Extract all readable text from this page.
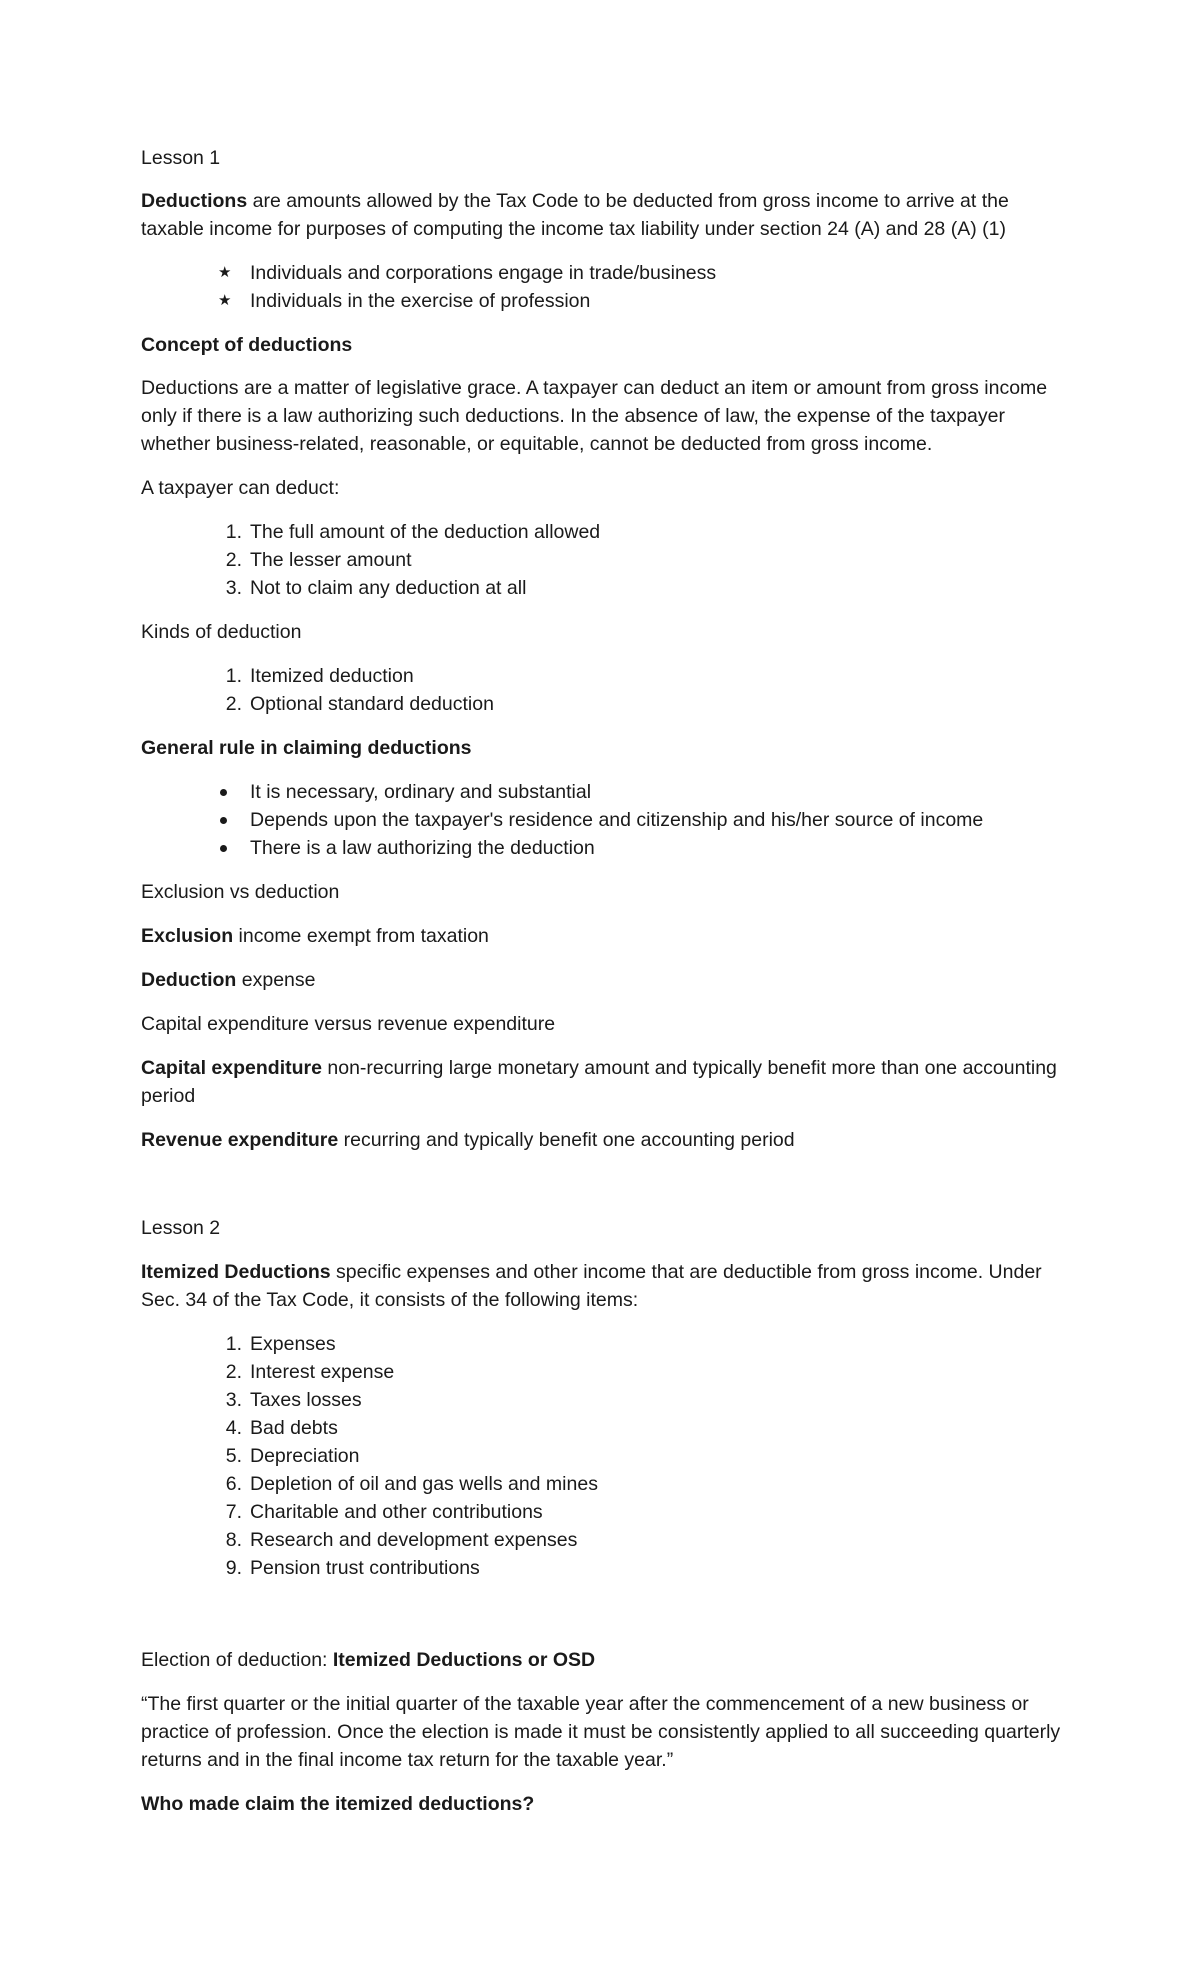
Lesson 1

Deductions are amounts allowed by the Tax Code to be deducted from gross income to arrive at the taxable income for purposes of computing the income tax liability under section 24 (A) and 28 (A) (1)

★ Individuals and corporations engage in trade/business
★ Individuals in the exercise of profession

Concept of deductions

Deductions are a matter of legislative grace. A taxpayer can deduct an item or amount from gross income only if there is a law authorizing such deductions. In the absence of law, the expense of the taxpayer whether business-related, reasonable, or equitable, cannot be deducted from gross income.

A taxpayer can deduct:

1. The full amount of the deduction allowed
2. The lesser amount
3. Not to claim any deduction at all

Kinds of deduction

1. Itemized deduction
2. Optional standard deduction

General rule in claiming deductions

It is necessary, ordinary and substantial
Depends upon the taxpayer's residence and citizenship and his/her source of income
There is a law authorizing the deduction

Exclusion vs deduction

Exclusion income exempt from taxation

Deduction expense

Capital expenditure versus revenue expenditure

Capital expenditure non-recurring large monetary amount and typically benefit more than one accounting period

Revenue expenditure recurring and typically benefit one accounting period

Lesson 2

Itemized Deductions specific expenses and other income that are deductible from gross income. Under Sec. 34 of the Tax Code, it consists of the following items:

1. Expenses
2. Interest expense
3. Taxes losses
4. Bad debts
5. Depreciation
6. Depletion of oil and gas wells and mines
7. Charitable and other contributions
8. Research and development expenses
9. Pension trust contributions

Election of deduction: Itemized Deductions or OSD

“The first quarter or the initial quarter of the taxable year after the commencement of a new business or practice of profession. Once the election is made it must be consistently applied to all succeeding quarterly returns and in the final income tax return for the taxable year.”

Who made claim the itemized deductions?
